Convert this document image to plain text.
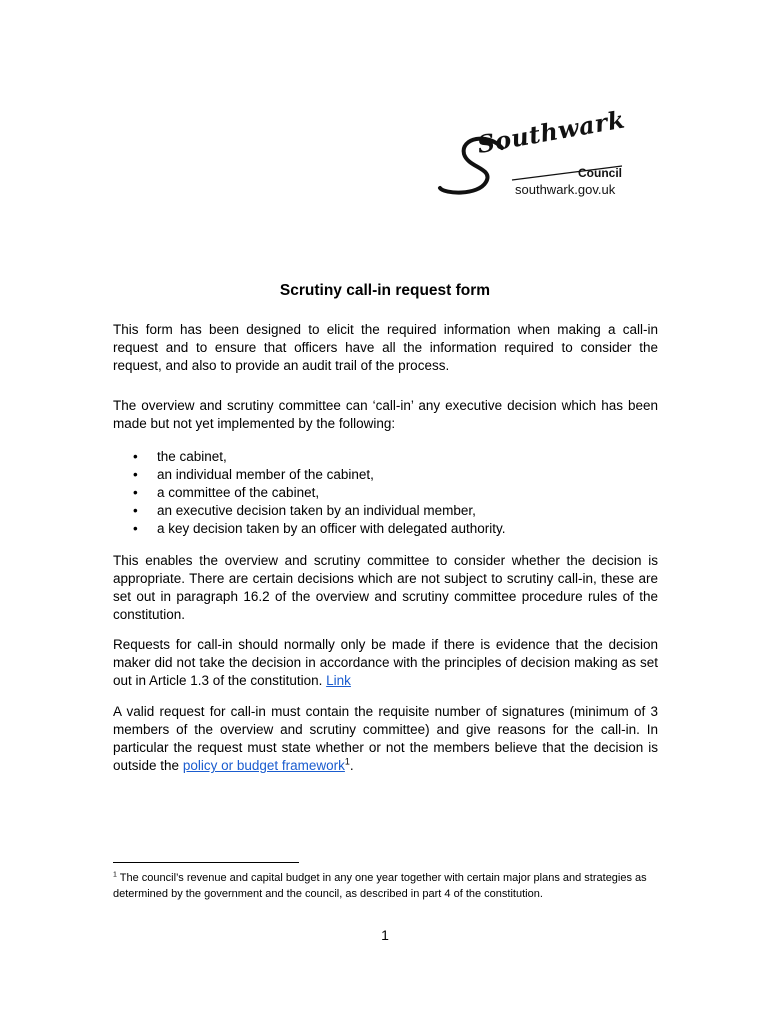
Southwark
Council
southwark.gov.uk
Scrutiny call-in request form

This form has been designed to elicit the required information when making a call-in request and to ensure that officers have all the information required to consider the request, and also to provide an audit trail of the process.

The overview and scrutiny committee can ‘call-in’ any executive decision which has been made but not yet implemented by the following:

• the cabinet,
• an individual member of the cabinet,
• a committee of the cabinet,
• an executive decision taken by an individual member,
• a key decision taken by an officer with delegated authority.

This enables the overview and scrutiny committee to consider whether the decision is appropriate. There are certain decisions which are not subject to scrutiny call-in, these are set out in paragraph 16.2 of the overview and scrutiny committee procedure rules of the constitution.

Requests for call-in should normally only be made if there is evidence that the decision maker did not take the decision in accordance with the principles of decision making as set out in Article 1.3 of the constitution. Link

A valid request for call-in must contain the requisite number of signatures (minimum of 3 members of the overview and scrutiny committee) and give reasons for the call-in. In particular the request must state whether or not the members believe that the decision is outside the policy or budget framework$^1$.

$^1$ The council’s revenue and capital budget in any one year together with certain major plans and strategies as determined by the government and the council, as described in part 4 of the constitution.
1
